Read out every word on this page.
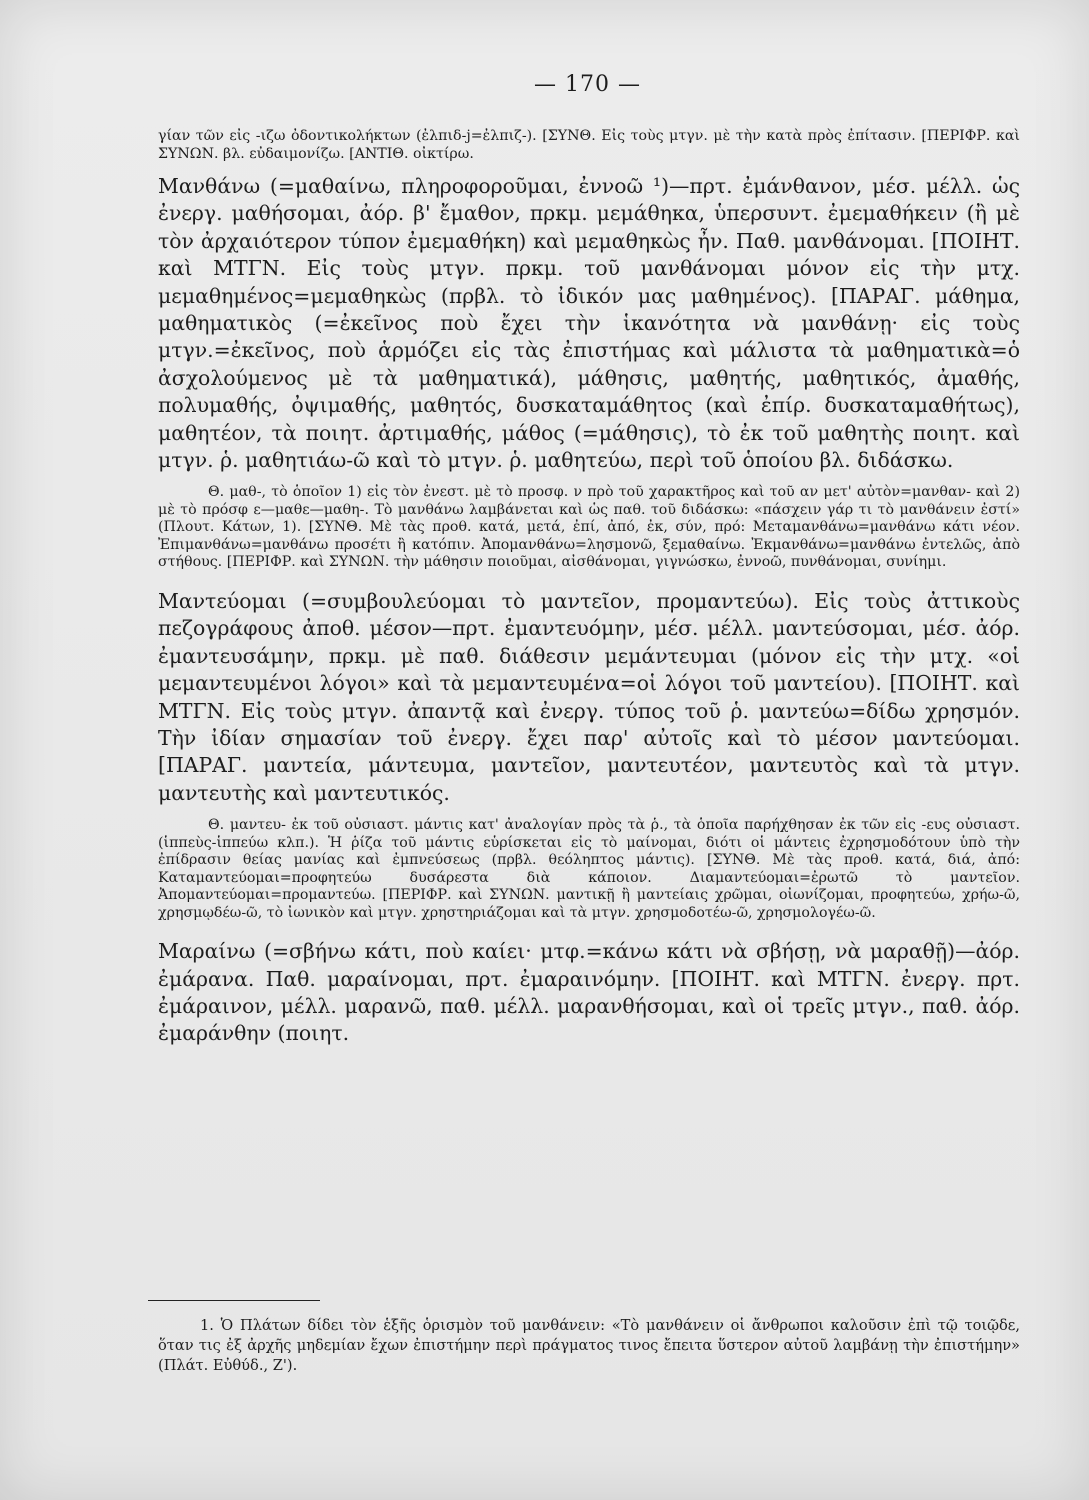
— 170 —

γίαν τῶν εἰς -ιζω ὀδοντικολήκτων (ἐλπιδ-j=ἐλπιζ-). [ΣΥΝΘ. Εἰς τοὺς μτγν. μὲ τὴν κατὰ πρὸς ἐπίτασιν. [ΠΕΡΙΦΡ. καὶ ΣΥΝΩΝ. βλ. εὐδαιμονίζω. [ΑΝΤΙΘ. οἰκτίρω.

Μανθάνω (=μαθαίνω, πληροφοροῦμαι, ἐννοῶ ¹)—πρτ. ἐμάνθανον, μέσ. μέλλ. ὡς ἐνεργ. μαθήσομαι, ἀόρ. β' ἔμαθον, πρκμ. μεμάθηκα, ὑπερσυντ. ἐμεμαθήκειν (ἢ μὲ τὸν ἀρχαιότερον τύπον ἐμεμαθήκη) καὶ μεμαθηκὼς ἦν. Παθ. μανθάνομαι. [ΠΟΙΗΤ. καὶ ΜΤΓΝ. Εἰς τοὺς μτγν. πρκμ. τοῦ μανθάνομαι μόνον εἰς τὴν μτχ. μεμαθημένος=μεμαθηκὼς (πρβλ. τὸ ἰδικόν μας μαθημένος). [ΠΑΡΑΓ. μάθημα, μαθηματικὸς (=ἐκεῖνος ποὺ ἔχει τὴν ἱκανότητα νὰ μανθάνῃ· εἰς τοὺς μτγν.=ἐκεῖνος, ποὺ ἁρμόζει εἰς τὰς ἐπιστήμας καὶ μάλιστα τὰ μαθηματικὰ=ὁ ἀσχολούμενος μὲ τὰ μαθηματικά), μάθησις, μαθητής, μαθητικός, ἀμαθής, πολυμαθής, ὀψιμαθής, μαθητός, δυσκαταμάθητος (καὶ ἐπίρ. δυσκαταμαθήτως), μαθητέον, τὰ ποιητ. ἀρτιμαθής, μάθος (=μάθησις), τὸ ἐκ τοῦ μαθητὴς ποιητ. καὶ μτγν. ῥ. μαθητιάω-ῶ καὶ τὸ μτγν. ῥ. μαθητεύω, περὶ τοῦ ὁποίου βλ. διδάσκω.

Θ. μαθ-, τὸ ὁποῖον 1) εἰς τὸν ἐνεστ. μὲ τὸ προσφ. ν πρὸ τοῦ χαρακτῆρος καὶ τοῦ αν μετ' αὐτὸν=μανθαν- καὶ 2) μὲ τὸ πρόσφ ε—μαθε—μαθη-. Τὸ μανθάνω λαμβάνεται καὶ ὡς παθ. τοῦ διδάσκω: «πάσχειν γάρ τι τὸ μανθάνειν ἐστί» (Πλουτ. Κάτων, 1). [ΣΥΝΘ. Μὲ τὰς προθ. κατά, μετά, ἐπί, ἀπό, ἐκ, σύν, πρό: Μεταμανθάνω=μανθάνω κάτι νέον. Ἐπιμανθάνω=μανθάνω προσέτι ἢ κατόπιν. Ἀπομανθάνω=λησμονῶ, ξεμαθαίνω. Ἐκμανθάνω=μανθάνω ἐντελῶς, ἀπὸ στήθους. [ΠΕΡΙΦΡ. καὶ ΣΥΝΩΝ. τὴν μάθησιν ποιοῦμαι, αἰσθάνομαι, γιγνώσκω, ἐννοῶ, πυνθάνομαι, συνίημι.

Μαντεύομαι (=συμβουλεύομαι τὸ μαντεῖον, προμαντεύω). Εἰς τοὺς ἀττικοὺς πεζογράφους ἀποθ. μέσον—πρτ. ἐμαντευόμην, μέσ. μέλλ. μαντεύσομαι, μέσ. ἀόρ. ἐμαντευσάμην, πρκμ. μὲ παθ. διάθεσιν μεμάντευμαι (μόνον εἰς τὴν μτχ. «οἱ μεμαντευμένοι λόγοι» καὶ τὰ μεμαντευμένα=οἱ λόγοι τοῦ μαντείου). [ΠΟΙΗΤ. καὶ ΜΤΓΝ. Εἰς τοὺς μτγν. ἀπαντᾷ καὶ ἐνεργ. τύπος τοῦ ῥ. μαντεύω=δίδω χρησμόν. Τὴν ἰδίαν σημασίαν τοῦ ἐνεργ. ἔχει παρ' αὐτοῖς καὶ τὸ μέσον μαντεύομαι. [ΠΑΡΑΓ. μαντεία, μάντευμα, μαντεῖον, μαντευτέον, μαντευτὸς καὶ τὰ μτγν. μαντευτὴς καὶ μαντευτικός.

Θ. μαντευ- ἐκ τοῦ οὐσιαστ. μάντις κατ' ἀναλογίαν πρὸς τὰ ῥ., τὰ ὁποῖα παρήχθησαν ἐκ τῶν εἰς -ευς οὐσιαστ. (ἱππεὺς-ἱππεύω κλπ.). Ἡ ῥίζα τοῦ μάντις εὑρίσκεται εἰς τὸ μαίνομαι, διότι οἱ μάντεις ἐχρησμοδότουν ὑπὸ τὴν ἐπίδρασιν θείας μανίας καὶ ἐμπνεύσεως (πρβλ. θεόληπτος μάντις). [ΣΥΝΘ. Μὲ τὰς προθ. κατά, διά, ἀπό: Καταμαντεύομαι=προφητεύω δυσάρεστα διὰ κάποιον. Διαμαντεύομαι=ἐρωτῶ τὸ μαντεῖον. Ἀπομαντεύομαι=προμαντεύω. [ΠΕΡΙΦΡ. καὶ ΣΥΝΩΝ. μαντικῇ ἢ μαντείαις χρῶμαι, οἰωνίζομαι, προφητεύω, χρήω-ῶ, χρησμῳδέω-ῶ, τὸ ἰωνικὸν καὶ μτγν. χρηστηριάζομαι καὶ τὰ μτγν. χρησμοδοτέω-ῶ, χρησμολογέω-ῶ.

Μαραίνω (=σβήνω κάτι, ποὺ καίει· μτφ.=κάνω κάτι νὰ σβήσῃ, νὰ μαραθῇ)—ἀόρ. ἐμάρανα. Παθ. μαραίνομαι, πρτ. ἐμαραινόμην. [ΠΟΙΗΤ. καὶ ΜΤΓΝ. ἐνεργ. πρτ. ἐμάραινον, μέλλ. μαρανῶ, παθ. μέλλ. μαρανθήσομαι, καὶ οἱ τρεῖς μτγν., παθ. ἀόρ. ἐμαράνθην (ποιητ.

1. Ὁ Πλάτων δίδει τὸν ἑξῆς ὁρισμὸν τοῦ μανθάνειν: «Τὸ μανθάνειν οἱ ἄνθρωποι καλοῦσιν ἐπὶ τῷ τοιῷδε, ὅταν τις ἐξ ἀρχῆς μηδεμίαν ἔχων ἐπιστήμην περὶ πράγματος τινος ἔπειτα ὕστερον αὐτοῦ λαμβάνῃ τὴν ἐπιστήμην» (Πλάτ. Εὐθύδ., Ζ').
